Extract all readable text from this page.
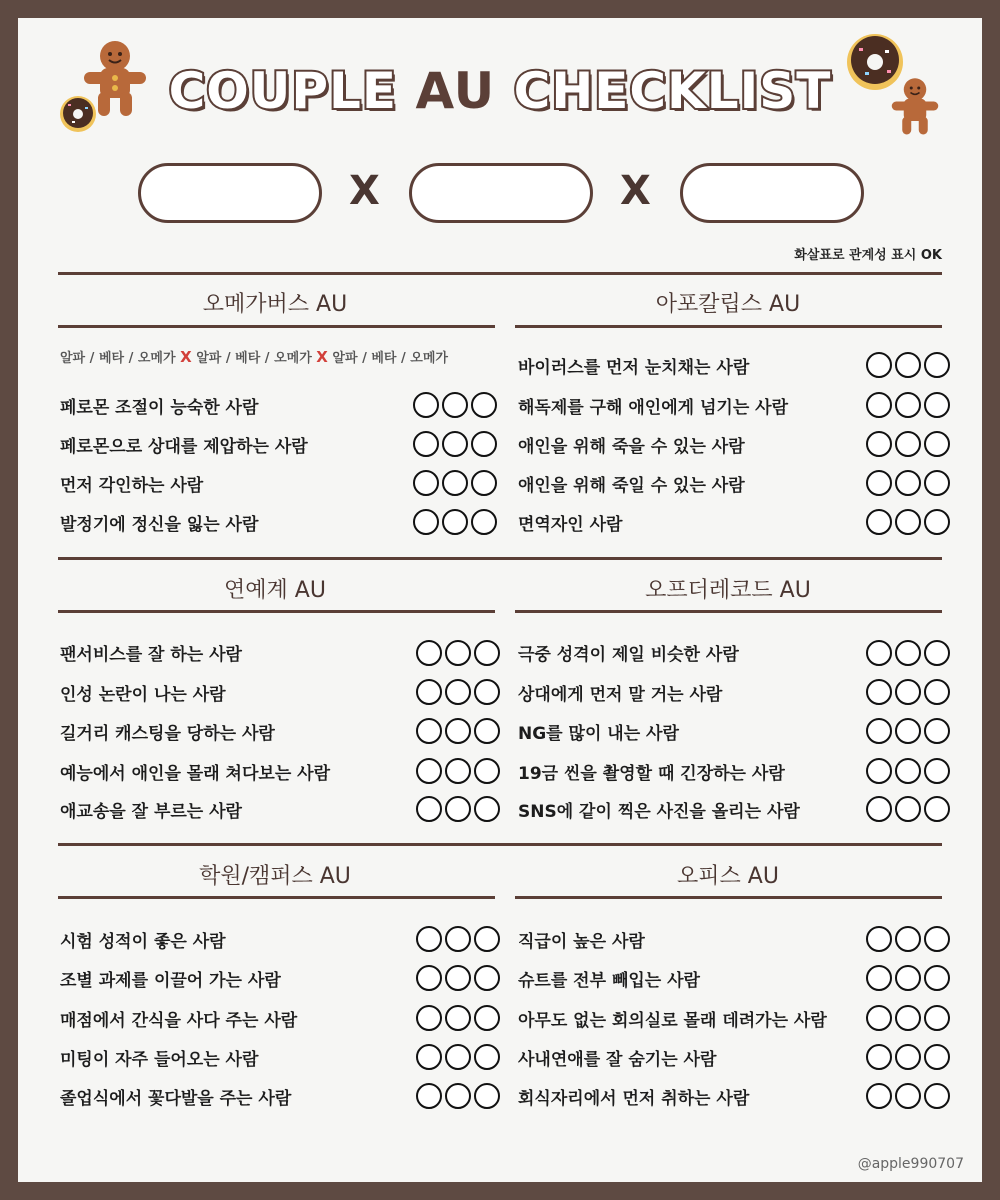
COUPLE AU CHECKLIST
X	X
화살표로 관계성 표시 OK
오메가버스 AU	아포칼립스 AU
알파 / 베타 / 오메가 X 알파 / 베타 / 오메가 X 알파 / 베타 / 오메가
페로몬 조절이 능숙한 사람
페로몬으로 상대를 제압하는 사람
먼저 각인하는 사람
발정기에 정신을 잃는 사람
바이러스를 먼저 눈치채는 사람
해독제를 구해 애인에게 넘기는 사람
애인을 위해 죽을 수 있는 사람
애인을 위해 죽일 수 있는 사람
면역자인 사람
연예계 AU	오프더레코드 AU
팬서비스를 잘 하는 사람
인성 논란이 나는 사람
길거리 캐스팅을 당하는 사람
예능에서 애인을 몰래 쳐다보는 사람
애교송을 잘 부르는 사람
극중 성격이 제일 비슷한 사람
상대에게 먼저 말 거는 사람
NG를 많이 내는 사람
19금 씬을 촬영할 때 긴장하는 사람
SNS에 같이 찍은 사진을 올리는 사람
학원/캠퍼스 AU	오피스 AU
시험 성적이 좋은 사람
조별 과제를 이끌어 가는 사람
매점에서 간식을 사다 주는 사람
미팅이 자주 들어오는 사람
졸업식에서 꽃다발을 주는 사람
직급이 높은 사람
슈트를 전부 빼입는 사람
아무도 없는 회의실로 몰래 데려가는 사람
사내연애를 잘 숨기는 사람
회식자리에서 먼저 취하는 사람
@apple990707
